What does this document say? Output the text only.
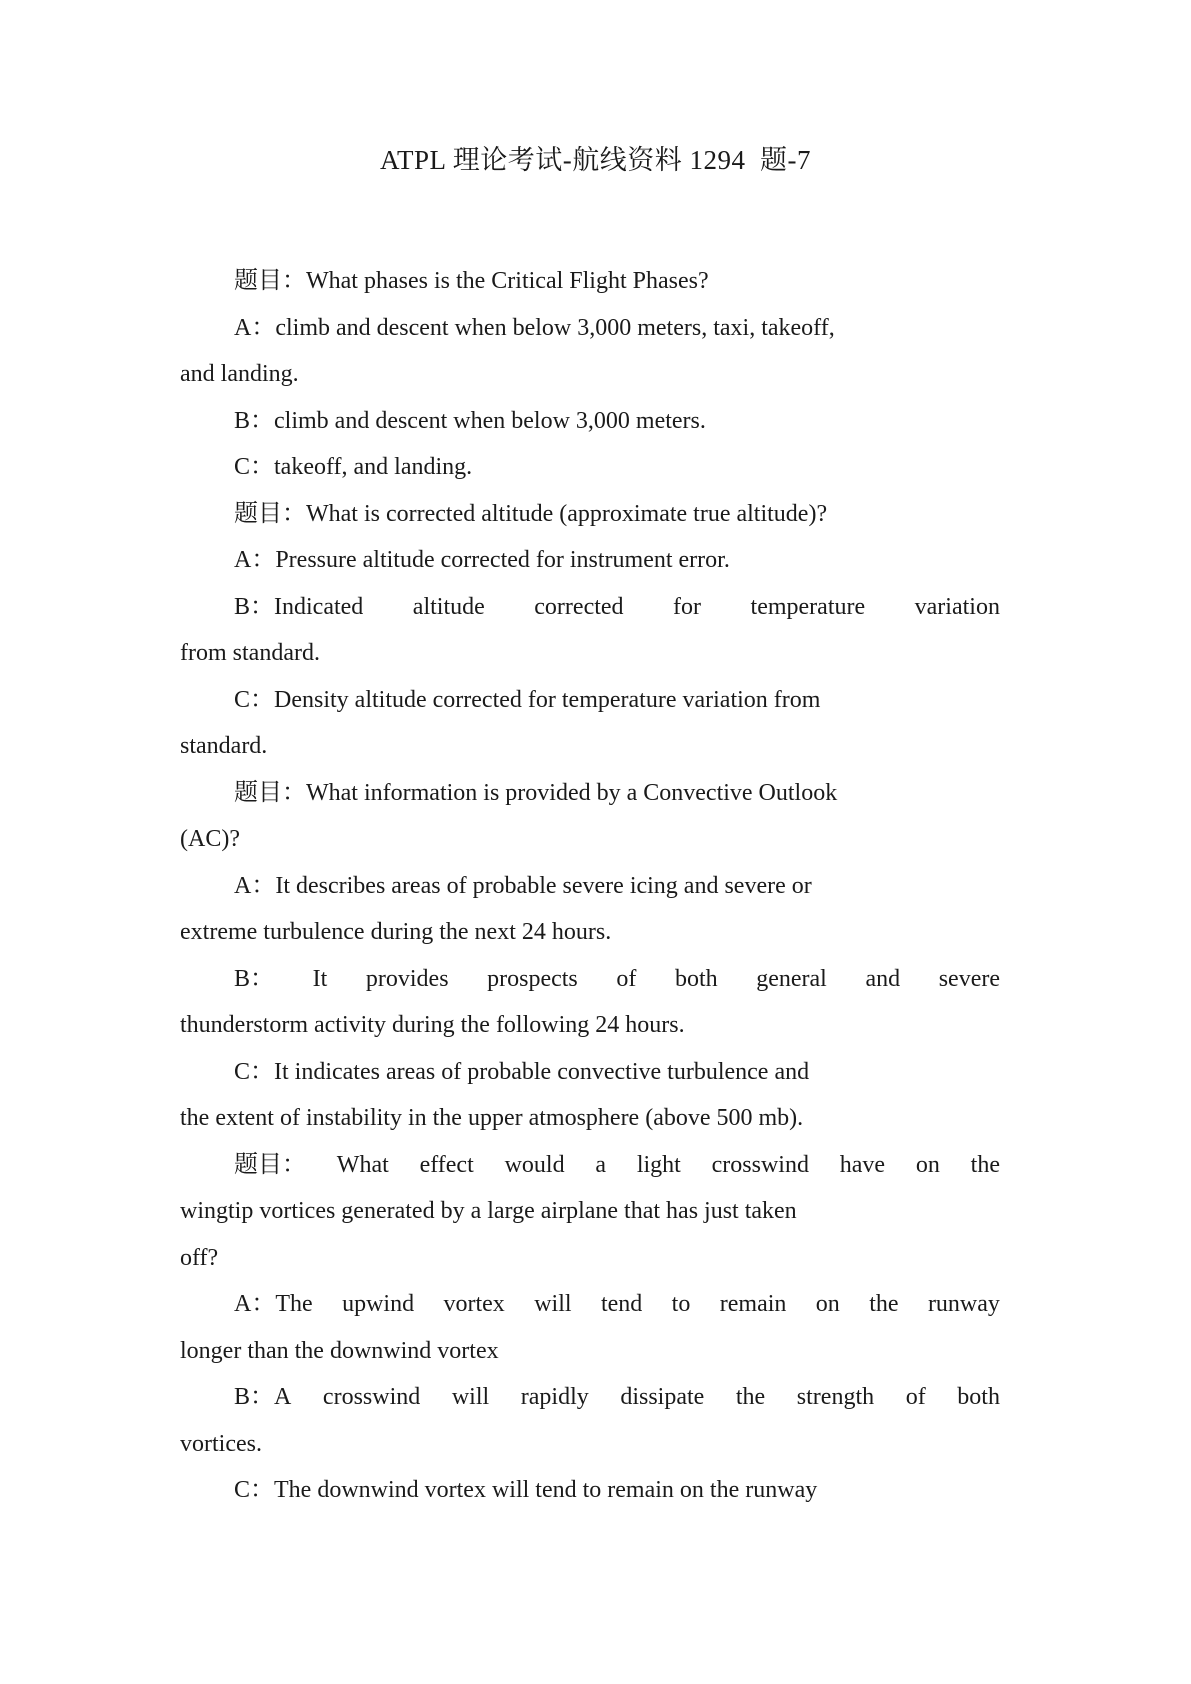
ATPL 理论考试-航线资料 1294  题-7
题目：What phases is the Critical Flight Phases?
A：climb and descent when below 3,000 meters, taxi, takeoff,
and landing.
B：climb and descent when below 3,000 meters.
C：takeoff, and landing.
题目：What is corrected altitude (approximate true altitude)?
A：Pressure altitude corrected for instrument error.
B：Indicated altitude corrected for temperature variation
from standard.
C：Density altitude corrected for temperature variation from
standard.
题目：What information is provided by a Convective Outlook
(AC)?
A：It describes areas of probable severe icing and severe or
extreme turbulence during the next 24 hours.
B： It provides prospects of both general and severe
thunderstorm activity during the following 24 hours.
C：It indicates areas of probable convective turbulence and
the extent of instability in the upper atmosphere (above 500 mb).
题目： What effect would a light crosswind have on the
wingtip vortices generated by a large airplane that has just taken
off?
A：The upwind vortex will tend to remain on the runway
longer than the downwind vortex
B：A crosswind will rapidly dissipate the strength of both
vortices.
C：The downwind vortex will tend to remain on the runway
